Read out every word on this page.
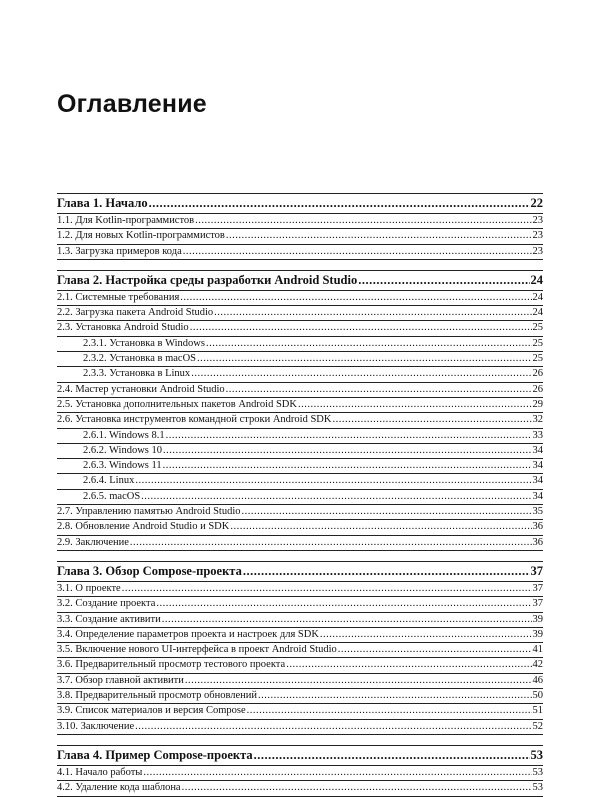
Оглавление
Глава 1. Начало .....	22
1.1. Для Kotlin-программистов .....	23
1.2. Для новых Kotlin-программистов .....	23
1.3. Загрузка примеров кода .....	23
Глава 2. Настройка среды разработки Android Studio .....	24
2.1. Системные требования .....	24
2.2. Загрузка пакета Android Studio .....	24
2.3. Установка Android Studio .....	25
2.3.1. Установка в Windows .....	25
2.3.2. Установка в macOS .....	25
2.3.3. Установка в Linux .....	26
2.4. Мастер установки Android Studio .....	26
2.5. Установка дополнительных пакетов Android SDK .....	29
2.6. Установка инструментов командной строки Android SDK .....	32
2.6.1. Windows 8.1 .....	33
2.6.2. Windows 10 .....	34
2.6.3. Windows 11 .....	34
2.6.4. Linux .....	34
2.6.5. macOS .....	34
2.7. Управлению памятью Android Studio .....	35
2.8. Обновление Android Studio и SDK .....	36
2.9. Заключение .....	36
Глава 3. Обзор Compose-проекта .....	37
3.1. О проекте .....	37
3.2. Создание проекта .....	37
3.3. Создание активити .....	39
3.4. Определение параметров проекта и настроек для SDK .....	39
3.5. Включение нового UI-интерфейса в проект Android Studio .....	41
3.6. Предварительный просмотр тестового проекта .....	42
3.7. Обзор главной активити .....	46
3.8. Предварительный просмотр обновлений .....	50
3.9. Список материалов и версия Compose .....	51
3.10. Заключение .....	52
Глава 4. Пример Compose-проекта .....	53
4.1. Начало работы .....	53
4.2. Удаление кода шаблона .....	53
